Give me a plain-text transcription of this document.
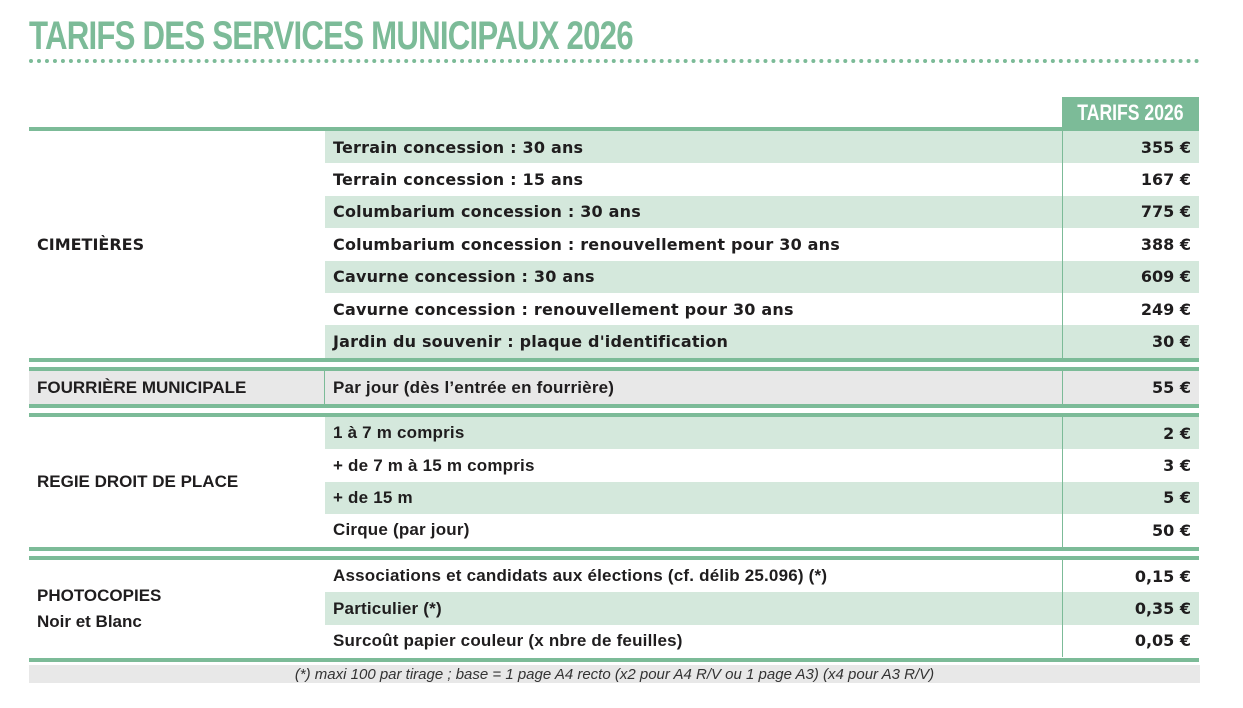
TARIFS DES SERVICES MUNICIPAUX 2026
TARIFS 2026
CIMETIÈRES
Terrain concession : 30 ans	355 €
Terrain concession : 15 ans	167 €
Columbarium concession : 30 ans	775 €
Columbarium concession : renouvellement pour 30 ans	388 €
Cavurne concession : 30 ans	609 €
Cavurne concession : renouvellement pour 30 ans	249 €
Jardin du souvenir : plaque d'identification	30 €
FOURRIÈRE MUNICIPALE	Par jour (dès l’entrée en fourrière)	55 €
REGIE DROIT DE PLACE
1 à 7 m compris	2 €
+ de 7 m à 15 m compris	3 €
+ de 15 m	5 €
Cirque (par jour)	50 €
PHOTOCOPIES
Noir et Blanc
Associations et candidats aux élections (cf. délib 25.096) (*)	0,15 €
Particulier (*)	0,35 €
Surcoût papier couleur (x nbre de feuilles)	0,05 €
(*) maxi 100 par tirage ; base = 1 page A4 recto (x2 pour A4 R/V ou 1 page A3) (x4 pour A3 R/V)
